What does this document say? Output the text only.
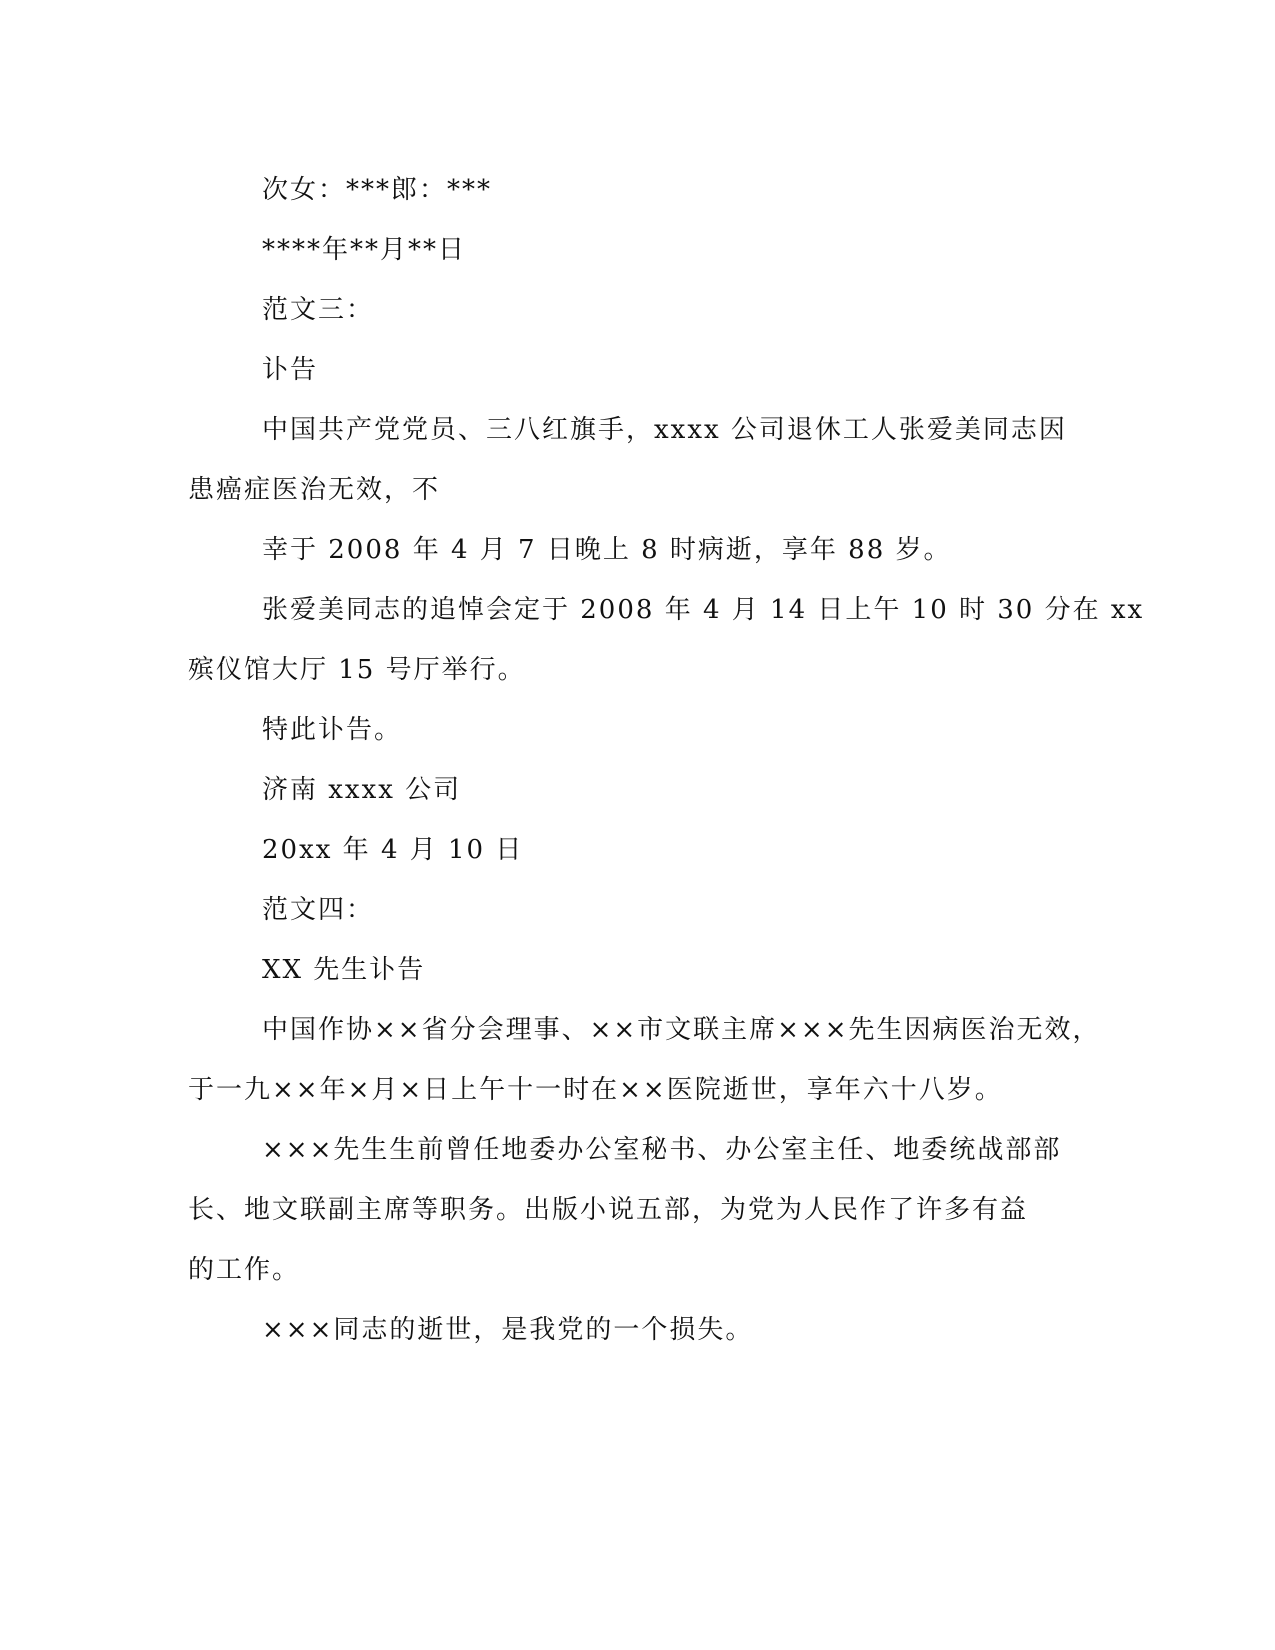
次女：***郎：***

****年**月**日

范文三：

讣告

中国共产党党员、三八红旗手，xxxx 公司退休工人张爱美同志因

患癌症医治无效，不

幸于 2008 年 4 月 7 日晚上 8 时病逝，享年 88 岁。

张爱美同志的追悼会定于 2008 年 4 月 14 日上午 10 时 30 分在 xx

殡仪馆大厅 15 号厅举行。

特此讣告。

济南 xxxx 公司

20xx 年 4 月 10 日

范文四：

XX 先生讣告

中国作协××省分会理事、××市文联主席×××先生因病医治无效，

于一九××年×月×日上午十一时在××医院逝世，享年六十八岁。

×××先生生前曾任地委办公室秘书、办公室主任、地委统战部部

长、地文联副主席等职务。出版小说五部，为党为人民作了许多有益

的工作。

×××同志的逝世，是我党的一个损失。
